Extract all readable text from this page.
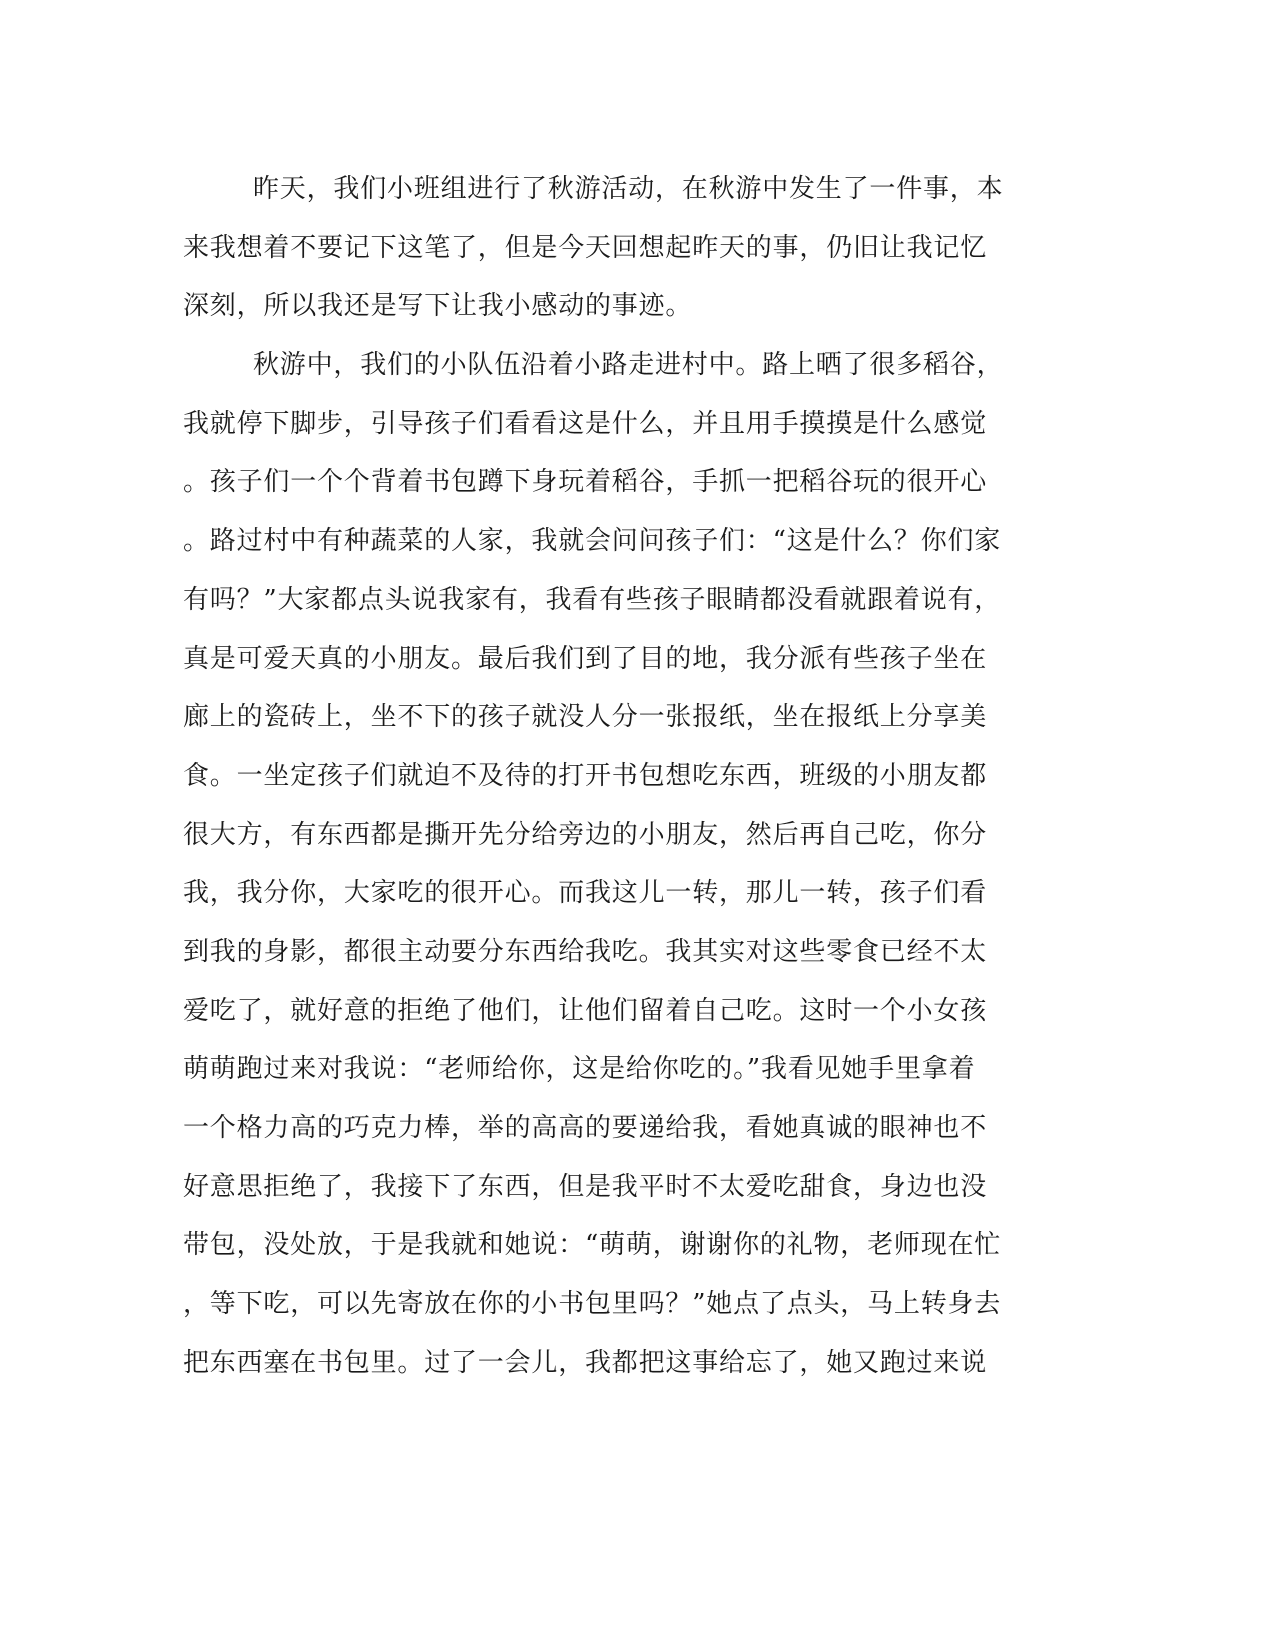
昨天，我们小班组进行了秋游活动，在秋游中发生了一件事，本
来我想着不要记下这笔了，但是今天回想起昨天的事，仍旧让我记忆
深刻，所以我还是写下让我小感动的事迹。

秋游中，我们的小队伍沿着小路走进村中。路上晒了很多稻谷，
我就停下脚步，引导孩子们看看这是什么，并且用手摸摸是什么感觉
。孩子们一个个背着书包蹲下身玩着稻谷，手抓一把稻谷玩的很开心
。路过村中有种蔬菜的人家，我就会问问孩子们：“这是什么？你们家
有吗？”大家都点头说我家有，我看有些孩子眼睛都没看就跟着说有，
真是可爱天真的小朋友。最后我们到了目的地，我分派有些孩子坐在
廊上的瓷砖上，坐不下的孩子就没人分一张报纸，坐在报纸上分享美
食。一坐定孩子们就迫不及待的打开书包想吃东西，班级的小朋友都
很大方，有东西都是撕开先分给旁边的小朋友，然后再自己吃，你分
我，我分你，大家吃的很开心。而我这儿一转，那儿一转，孩子们看
到我的身影，都很主动要分东西给我吃。我其实对这些零食已经不太
爱吃了，就好意的拒绝了他们，让他们留着自己吃。这时一个小女孩
萌萌跑过来对我说：“老师给你，这是给你吃的。”我看见她手里拿着
一个格力高的巧克力棒，举的高高的要递给我，看她真诚的眼神也不
好意思拒绝了，我接下了东西，但是我平时不太爱吃甜食，身边也没
带包，没处放，于是我就和她说：“萌萌，谢谢你的礼物，老师现在忙
，等下吃，可以先寄放在你的小书包里吗？”她点了点头，马上转身去
把东西塞在书包里。过了一会儿，我都把这事给忘了，她又跑过来说
